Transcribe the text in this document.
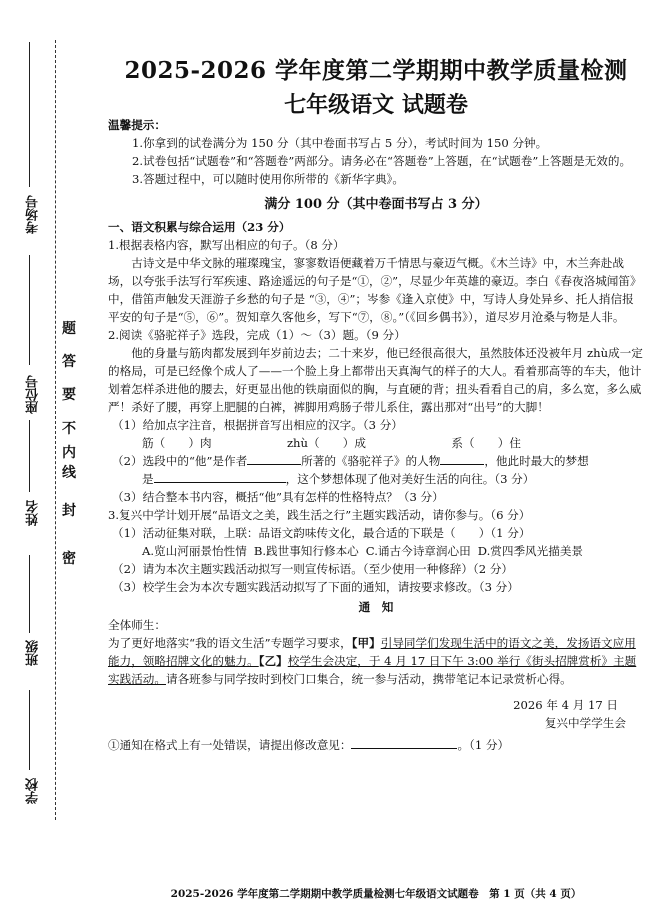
考场号
座位号
姓名
班级
学校
密
封
线
内
不
要
答
题
2025-2026 学年度第二学期期中教学质量检测
七年级语文 试题卷

温馨提示：

1.你拿到的试卷满分为 150 分（其中卷面书写占 5 分），考试时间为 150 分钟。

2.试卷包括“试题卷”和“答题卷”两部分。请务必在“答题卷”上答题，在“试题卷”上答题是无效的。

3.答题过程中，可以随时使用你所带的《新华字典》。

满分 100 分（其中卷面书写占 3 分）

一、语文积累与综合运用（23 分）

1.根据表格内容，默写出相应的句子。（8 分）

古诗文是中华文脉的璀璨瑰宝，寥寥数语便藏着万千情思与豪迈气概。《木兰诗》中，木兰奔赴战场，以夸张手法写行军疾速、路途遥远的句子是“①，②”，尽显少年英雄的豪迈。李白《春夜洛城闻笛》中，借笛声触发天涯游子乡愁的句子是 “③，④”；岑参《逢入京使》中，写诗人身处异乡、托人捎信报平安的句子是“⑤，⑥”。贺知章久客他乡，写下“⑦，⑧。”（《回乡偶书》），道尽岁月沧桑与物是人非。

2.阅读《骆驼祥子》选段，完成（1）～（3）题。（9 分）

他的身量与筋肉都发展到年岁前边去；二十来岁，他已经很高很大，虽然肢体还没被年月 zhù成一定的格局，可是已经像个成人了——一个脸上身上都带出天真淘气的样子的大人。看着那高等的车夫，他计划着怎样杀进他的腰去，好更显出他的铁扇面似的胸，与直硬的背；扭头看看自己的肩，多么宽，多么威严！杀好了腰，再穿上肥腿的白裤，裤脚用鸡肠子带儿系住，露出那对“出号”的大脚！

（1）给加点字注音，根据拼音写出相应的汉字。（3 分）

筋（　　）肉	zhù（　　）成	系（　　）住

（2）选段中的“他”是作者	所著的《骆驼祥子》的人物	，他此时最大的梦想

是	，这个梦想体现了他对美好生活的向往。（3 分）

（3）结合整本书内容，概括“他”具有怎样的性格特点？（3 分）

3.复兴中学计划开展“品语文之美，践生活之行”主题实践活动，请你参与。（6 分）

（1）活动征集对联，上联：品语文韵味传文化，最合适的下联是（　　）（1 分）

A.览山河丽景怡性情 B.践世事知行修本心 C.诵古今诗章润心田 D.赏四季风光描美景

（2）请为本次主题实践活动拟写一则宣传标语。（至少使用一种修辞）（2 分）

（3）校学生会为本次专题实践活动拟写了下面的通知，请按要求修改。（3 分）

通　知

全体师生：

为了更好地落实“我的语文生活”专题学习要求，【甲】引导同学们发现生活中的语文之美，发扬语文应用能力，领略招牌文化的魅力。【乙】校学生会决定，于 4 月 17 日下午 3:00 举行《街头招牌赏析》主题实践活动。请各班参与同学按时到校门口集合，统一参与活动，携带笔记本记录赏析心得。

2026 年 4 月 17 日

复兴中学学生会

①通知在格式上有一处错误，请提出修改意见：	。（1 分）

2025-2026 学年度第二学期期中教学质量检测七年级语文试题卷　第 1 页（共 4 页）
